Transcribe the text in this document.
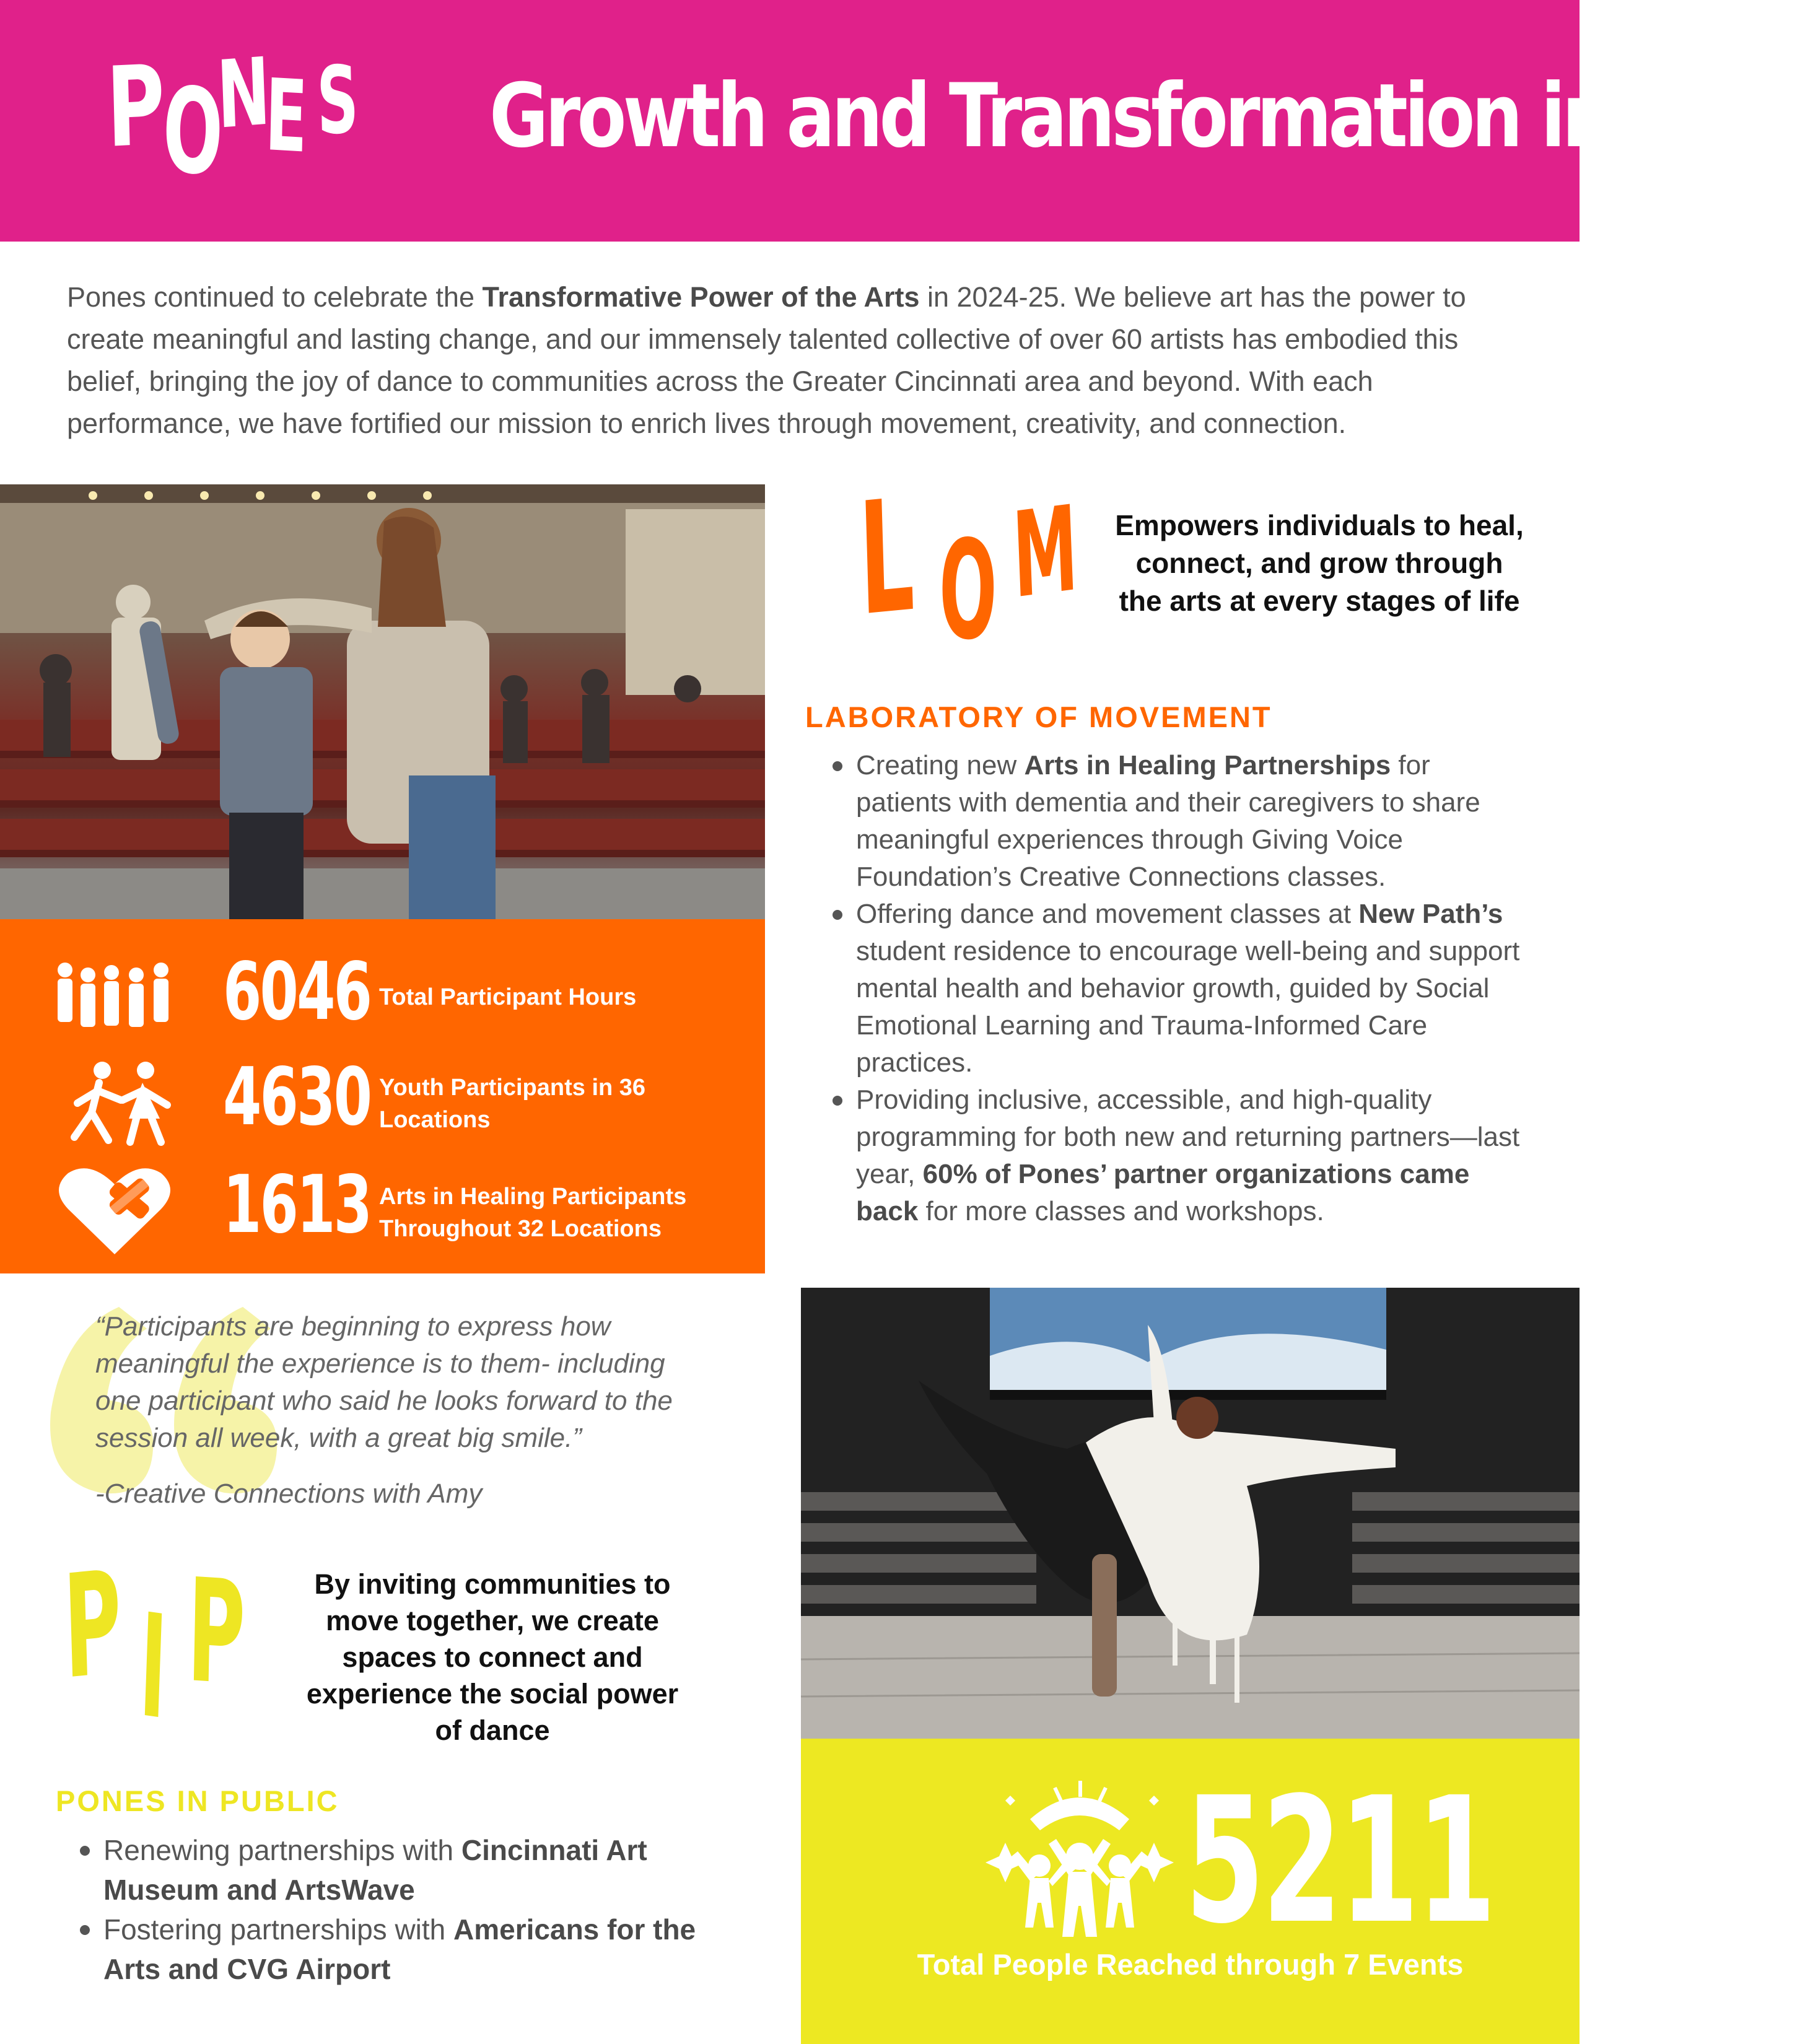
P
O
N
E S Growth and Transformation in 2025

Pones continued to celebrate the Transformative Power of the Arts in 2024-25. We believe art has the power to create meaningful and lasting change, and our immensely talented collective of over 60 artists has embodied this belief, bringing the joy of dance to communities across the Greater Cincinnati area and beyond. With each performance, we have fortified our mission to enrich lives through movement, creativity, and connection.

6046 Total Participant Hours
4630 Youth Participants in 36 Locations
1613 Arts in Healing Participants Throughout 32 Locations
L O M Empowers individuals to heal, connect, and grow through the arts at every stages of life
LABORATORY OF MOVEMENT
Creating new Arts in Healing Partnerships for patients with dementia and their caregivers to share meaningful experiences through Giving Voice Foundation’s Creative Connections classes.
Offering dance and movement classes at New Path’s student residence to encourage well-being and support mental health and behavior growth, guided by Social Emotional Learning and Trauma-Informed Care practices.
Providing inclusive, accessible, and high-quality programming for both new and returning partners—last year, 60% of Pones’ partner organizations came back for more classes and workshops.
“Participants are beginning to express how meaningful the experience is to them- including one participant who said he looks forward to the session all week, with a great big smile.”
-Creative Connections with Amy
P I P	By inviting communities to move together, we create spaces to connect and experience the social power of dance
PONES IN PUBLIC
Renewing partnerships with Cincinnati Art Museum and ArtsWave
Fostering partnerships with Americans for the Arts and CVG Airport
5211
Total People Reached through 7 Events
